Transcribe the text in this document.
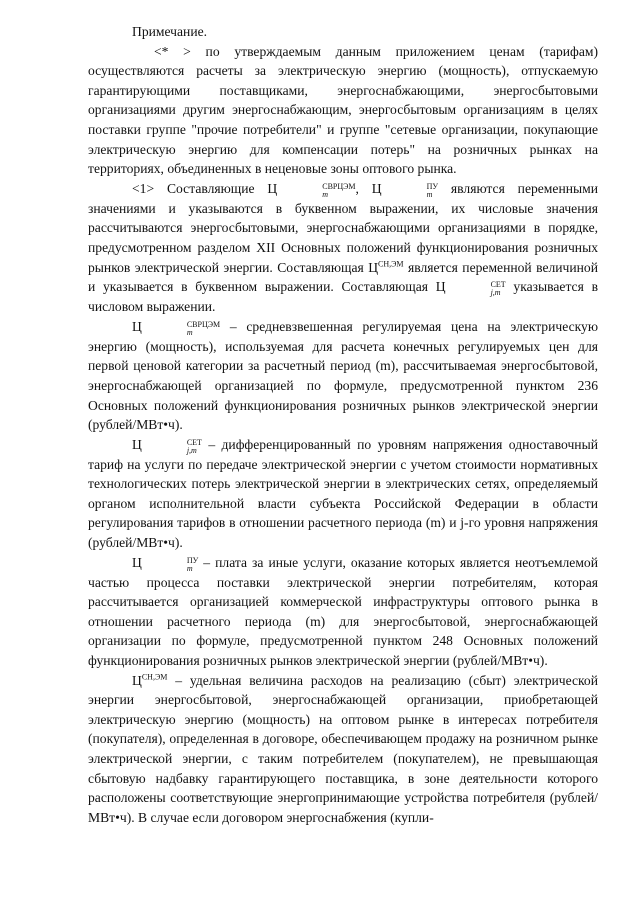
Примечание.

<* > по утверждаемым данным приложением ценам (тарифам) осуществляются расчеты за электрическую энергию (мощность), отпускаемую гарантирующими поставщиками, энергоснабжающими, энергосбытовыми организациями другим энергоснабжающим, энергосбытовым организациям в целях поставки группе "прочие потребители" и группе "сетевые организации, покупающие электрическую энергию для компенсации потерь" на розничных рынках на территориях, объединенных в неценовые зоны оптового рынка.

<1> Составляющие Ц	СВРЦЭМ
m	, Ц	ПУ
m являются переменными значениями и указываются в буквенном выражении, их числовые значения рассчитываются энергосбытовыми, энергоснабжающими организациями в порядке, предусмотренном разделом XII Основных положений функционирования розничных рынков электрической энергии. Составляющая $Ц^{СН,ЭМ}$ является переменной величиной и указывается в буквенном выражении. Составляющая Ц	СЕТ
j,m указывается в числовом выражении.

Ц	СВРЦЭМ
m	– средневзвешенная регулируемая цена на электрическую энергию (мощность), используемая для расчета конечных регулируемых цен для первой ценовой категории за расчетный период (m), рассчитываемая энергосбытовой, энергоснабжающей организацией по формуле, предусмотренной пунктом 236 Основных положений функционирования розничных рынков электрической энергии (рублей/МВт•ч).

Ц	СЕТ
j,m – дифференцированный по уровням напряжения одноставочный тариф на услуги по передаче электрической энергии с учетом стоимости нормативных технологических потерь электрической энергии в электрических сетях, определяемый органом исполнительной власти субъекта Российской Федерации в области регулирования тарифов в отношении расчетного периода (m) и j-го уровня напряжения (рублей/МВт•ч).

Ц	ПУ
m – плата за иные услуги, оказание которых является неотъемлемой частью процесса поставки электрической энергии потребителям, которая рассчитывается организацией коммерческой инфраструктуры оптового рынка в отношении расчетного периода (m) для энергосбытовой, энергоснабжающей организации по формуле, предусмотренной пунктом 248 Основных положений функционирования розничных рынков электрической энергии (рублей/МВт•ч).

$Ц^{СН,ЭМ}$ – удельная величина расходов на реализацию (сбыт) электрической энергии энергосбытовой, энергоснабжающей организации, приобретающей электрическую энергию (мощность) на оптовом рынке в интересах потребителя (покупателя), определенная в договоре, обеспечивающем продажу на розничном рынке электрической энергии, с таким потребителем (покупателем), не превышающая сбытовую надбавку гарантирующего поставщика, в зоне деятельности которого расположены соответствующие энергопринимающие устройства потребителя (рублей/МВт•ч). В случае если договором энергоснабжения (купли-
